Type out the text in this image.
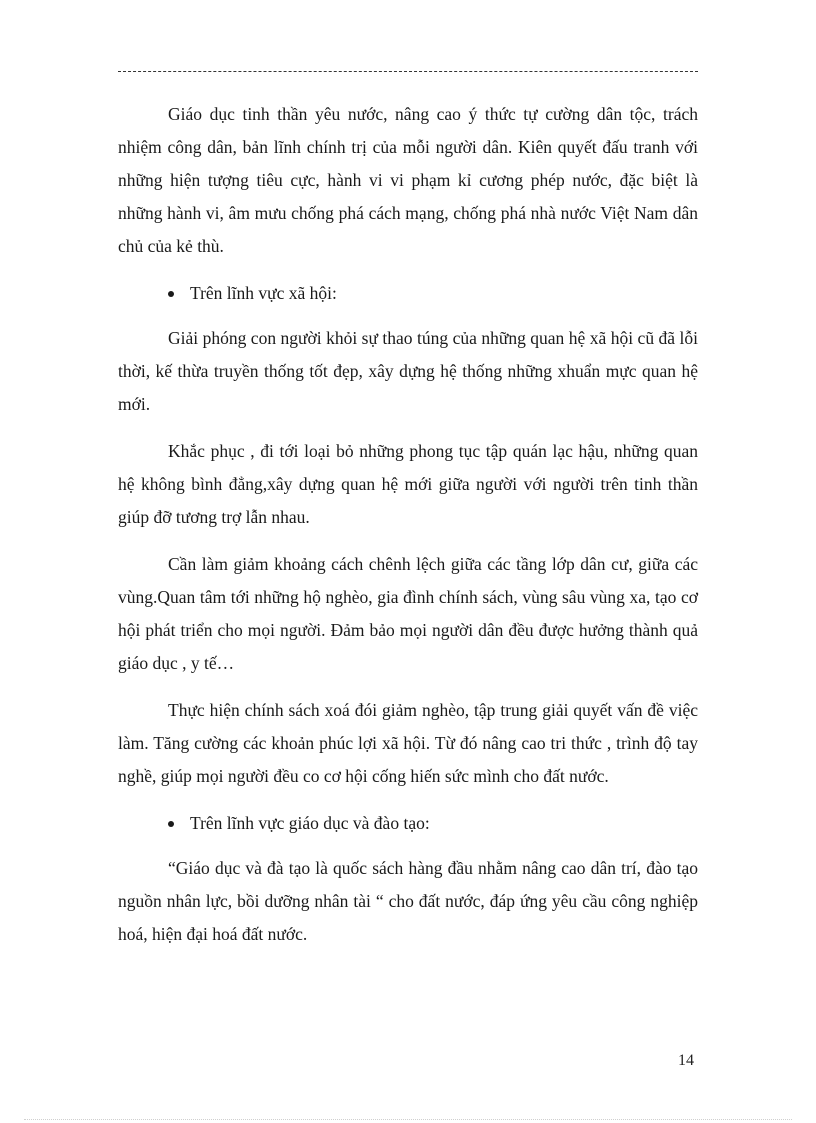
Giáo dục tinh thần yêu nước, nâng cao ý thức tự cường dân tộc, trách nhiệm công dân, bản lĩnh chính trị của mỗi người dân. Kiên quyết đấu tranh với những hiện tượng tiêu cực, hành vi vi phạm kỉ cương phép nước, đặc biệt là những hành vi, âm mưu chống phá cách mạng, chống phá nhà nước Việt Nam dân chủ của kẻ thù.

Trên lĩnh vực xã hội:

Giải phóng con người khỏi sự thao túng của những quan hệ xã hội cũ đã lỗi thời, kế thừa truyền thống tốt đẹp, xây dựng hệ thống những xhuẩn mực quan hệ mới.

Khắc phục , đi tới loại bỏ những phong tục tập quán lạc hậu, những quan hệ không bình đẳng,xây dựng quan hệ mới giữa người với người trên tinh thần giúp đỡ tương trợ lẫn nhau.

Cần làm giảm khoảng cách chênh lệch giữa các tầng lớp dân cư, giữa các vùng.Quan tâm tới những hộ nghèo, gia đình chính sách, vùng sâu vùng xa, tạo cơ hội phát triển cho mọi người. Đảm bảo mọi người dân đều được hưởng thành quả giáo dục , y tế…

Thực hiện chính sách xoá đói giảm nghèo, tập trung giải quyết vấn đề việc làm. Tăng cường các khoản phúc lợi xã hội. Từ đó nâng cao tri thức , trình độ tay nghề, giúp mọi người đều co cơ hội cống hiến sức mình cho đất nước.

Trên lĩnh vực giáo dục và đào tạo:

“Giáo dục và đà tạo là quốc sách hàng đầu nhằm nâng cao dân trí, đào tạo nguồn nhân lực, bồi dưỡng nhân tài “ cho đất nước, đáp ứng yêu cầu công nghiệp hoá, hiện đại hoá đất nước.

14
